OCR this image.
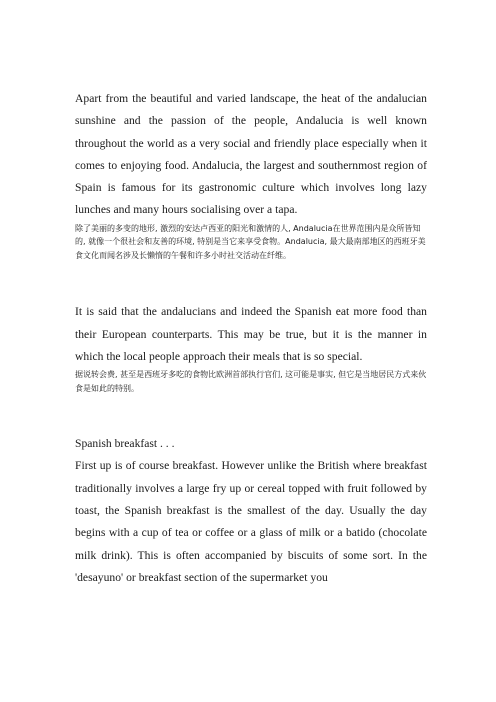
Apart from the beautiful and varied landscape, the heat of the andalucian sunshine and the passion of the people, Andalucia is well known throughout the world as a very social and friendly place especially when it comes to enjoying food. Andalucia, the largest and southernmost region of Spain is famous for its gastronomic culture which involves long lazy lunches and many hours socialising over a tapa.

除了美丽的多变的地形, 激烈的安达卢西亚的阳光和激情的人, Andalucia在世界范围内是众所皆知的, 就像一个很社会和友善的环境, 特别是当它来享受食物。Andalucia, 最大最南部地区的西班牙美食文化而闻名涉及长懒惰的午餐和许多小时社交活动在纤维。

It is said that the andalucians and indeed the Spanish eat more food than their European counterparts. This may be true, but it is the manner in which the local people approach their meals that is so special.

据说转会费, 甚至是西班牙多吃的食物比欧洲首部执行官们, 这可能是事实, 但它是当地居民方式来伙食是如此的特别。

Spanish breakfast . . .

First up is of course breakfast. However unlike the British where breakfast traditionally involves a large fry up or cereal topped with fruit followed by toast, the Spanish breakfast is the smallest of the day. Usually the day begins with a cup of tea or coffee or a glass of milk or a batido (chocolate milk drink). This is often accompanied by biscuits of some sort. In the 'desayuno' or breakfast section of the supermarket you
